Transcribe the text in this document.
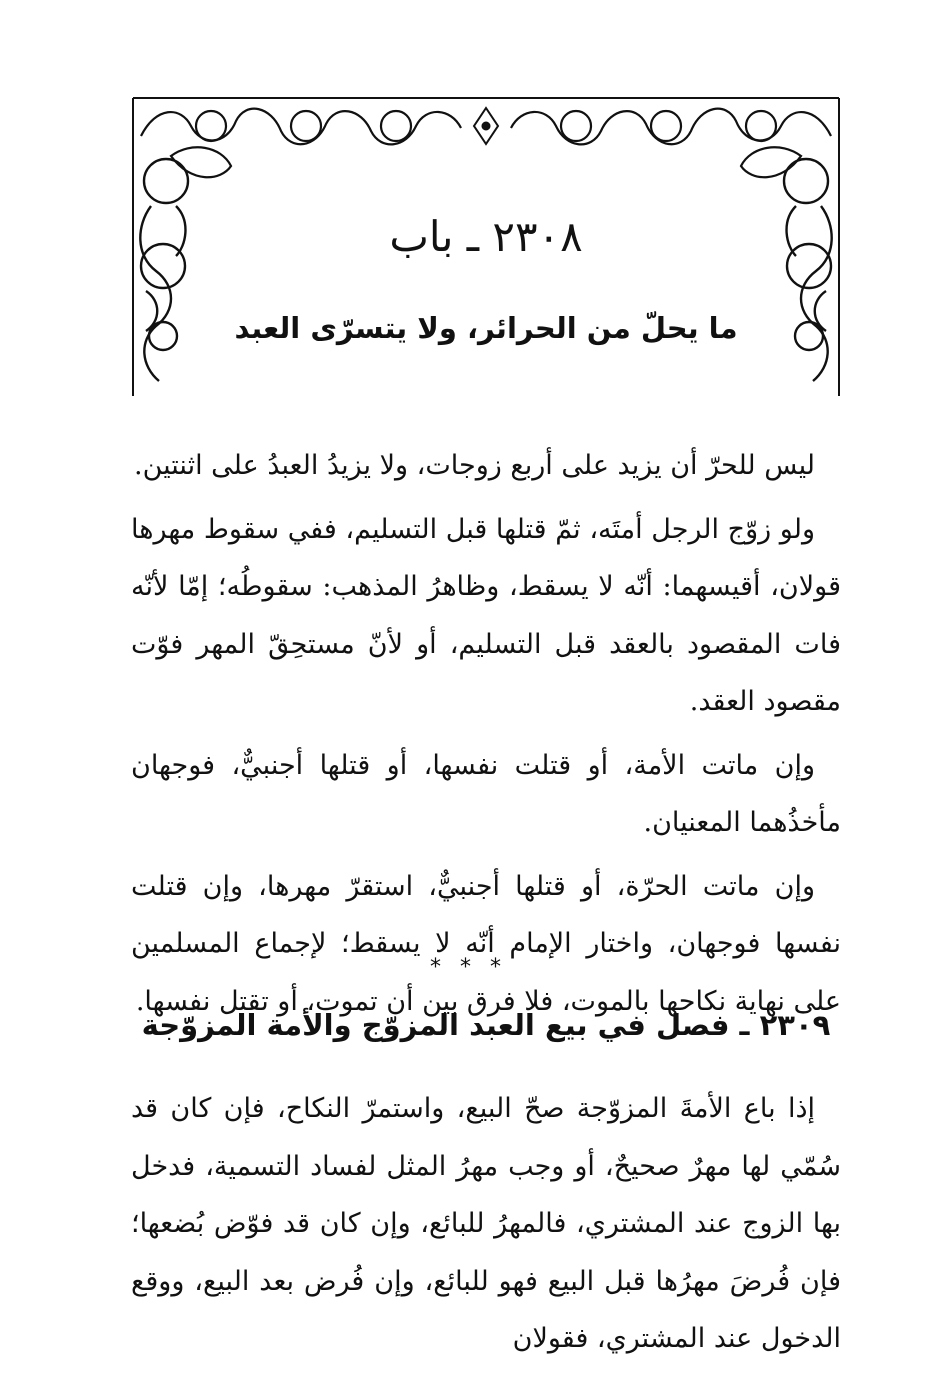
٢٣٠٨ ـ باب
ما يحلّ من الحرائر، ولا يتسرّى العبد

ليس للحرّ أن يزيد على أربع زوجات، ولا يزيدُ العبدُ على اثنتين.

ولو زوّج الرجل أمتَه، ثمّ قتلها قبل التسليم، ففي سقوط مهرها قولان، أقيسهما: أنّه لا يسقط، وظاهرُ المذهب: سقوطُه؛ إمّا لأنّه فات المقصود بالعقد قبل التسليم، أو لأنّ مستحِقّ المهر فوّت مقصود العقد.

وإن ماتت الأمة، أو قتلت نفسها، أو قتلها أجنبيٌّ، فوجهان مأخذُهما المعنيان.

وإن ماتت الحرّة، أو قتلها أجنبيٌّ، استقرّ مهرها، وإن قتلت نفسها فوجهان، واختار الإمام أنّه لا يسقط؛ لإجماع المسلمين على نهاية نكاحها بالموت، فلا فرق بين أن تموت، أو تقتل نفسها.

* * *
٢٣٠٩ ـ فصل في بيع العبد المزوّج والأمة المزوّجة

إذا باع الأمةَ المزوّجة صحّ البيع، واستمرّ النكاح، فإن كان قد سُمّي لها مهرٌ صحيحٌ، أو وجب مهرُ المثل لفساد التسمية، فدخل بها الزوج عند المشتري، فالمهرُ للبائع، وإن كان قد فوّض بُضعها؛ فإن فُرضَ مهرُها قبل البيع فهو للبائع، وإن فُرض بعد البيع، ووقع الدخول عند المشتري، فقولان
